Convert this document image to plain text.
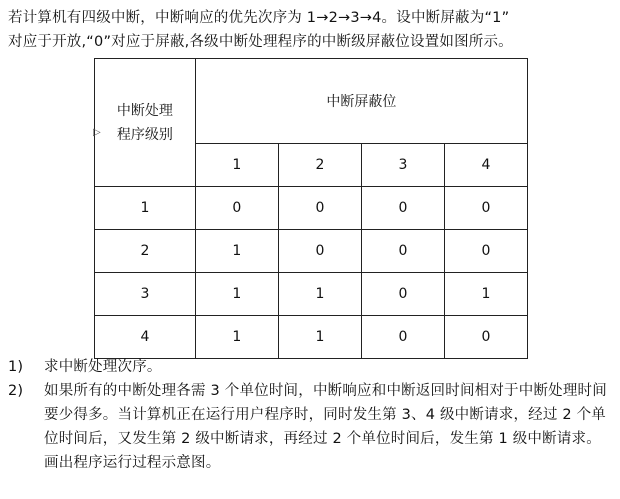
若计算机有四级中断，中断响应的优先次序为 1→2→3→4。设中断屏蔽为“1”

对应于开放,“0”对应于屏蔽,各级中断处理程序的中断级屏蔽位设置如图所示。

中断处理
程序级别	中断屏蔽位			
	1	2	3	4
1	0	0	0	0
2	1	0	0	0
3	1	1	0	1
4	1	1	0	0
▷
1)	求中断处理次序。
2)	如果所有的中断处理各需 3 个单位时间，中断响应和中断返回时间相对于中断处理时间要少得多。当计算机正在运行用户程序时，同时发生第 3、4 级中断请求，经过 2 个单位时间后，又发生第 2 级中断请求，再经过 2 个单位时间后，发生第 1 级中断请求。画出程序运行过程示意图。
